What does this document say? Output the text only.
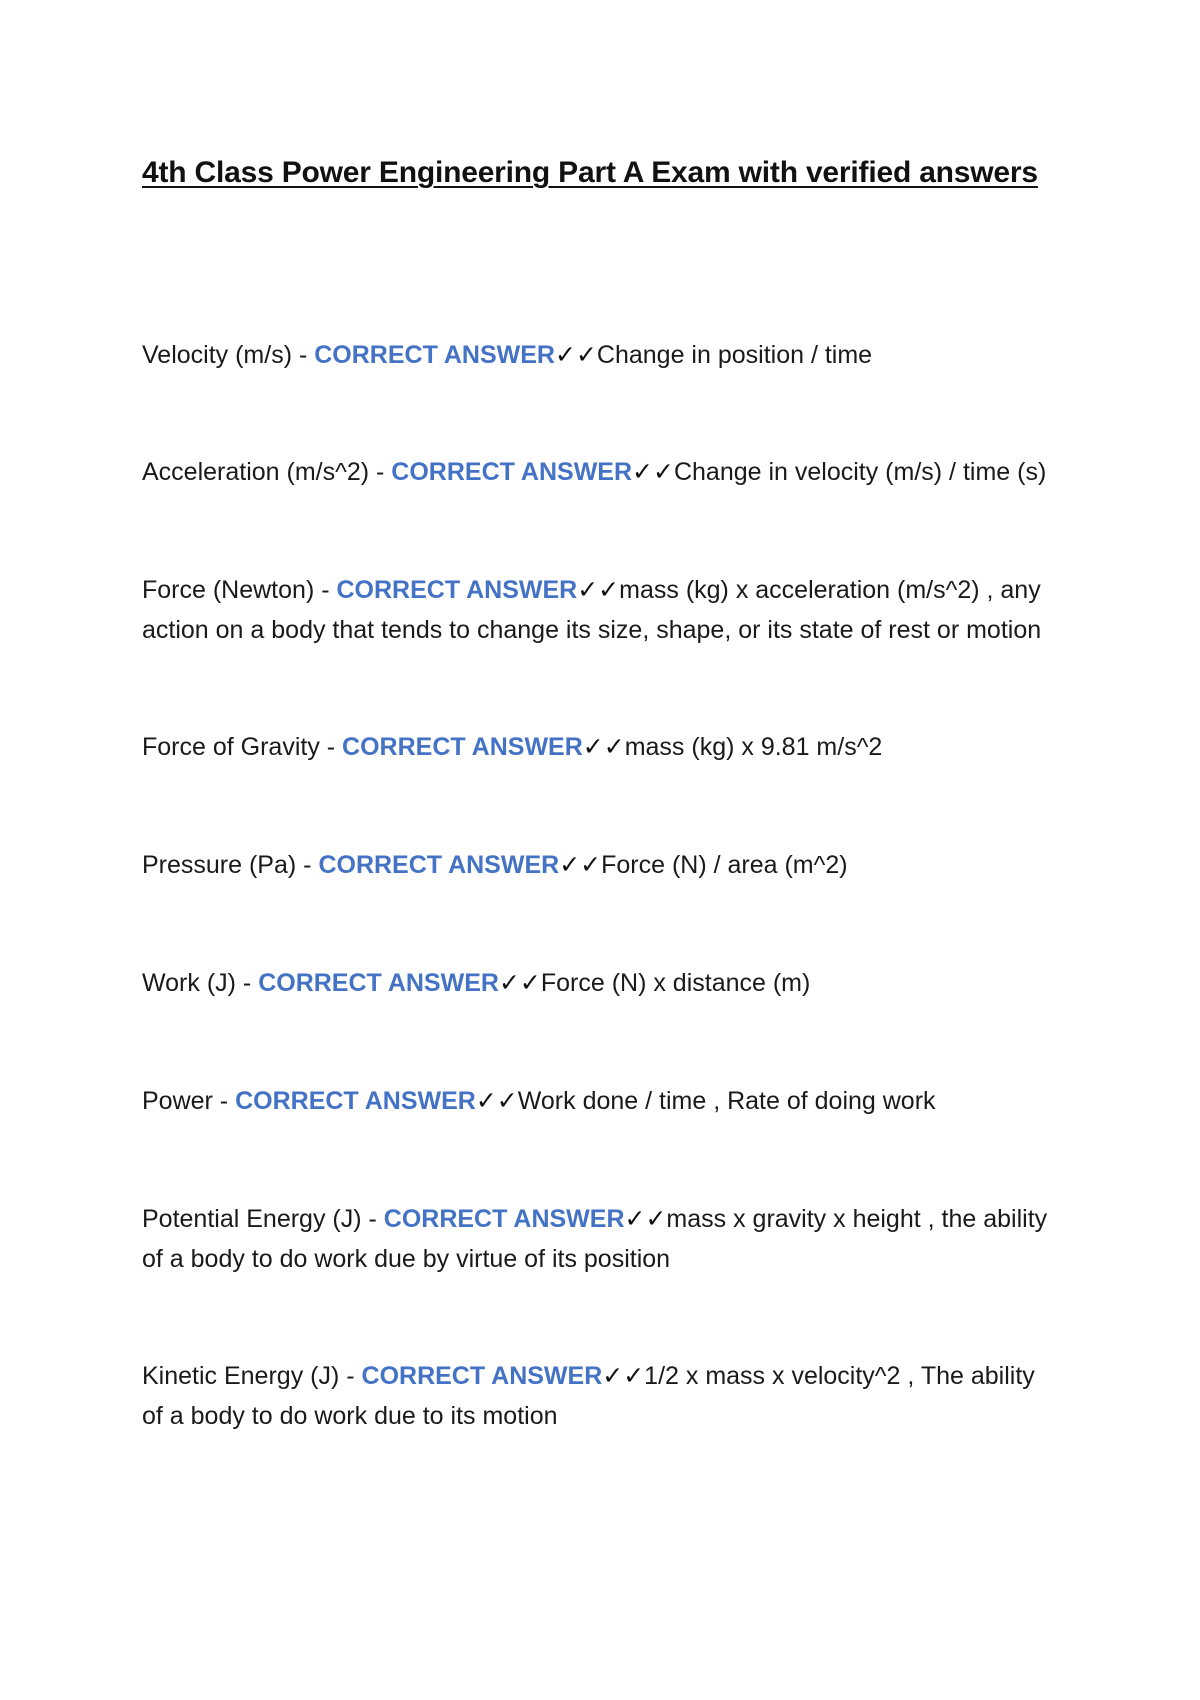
4th Class Power Engineering Part A Exam with verified answers

Velocity (m/s) - CORRECT ANSWER✓✓Change in position / time

Acceleration (m/s^2) - CORRECT ANSWER✓✓Change in velocity (m/s) / time (s)

Force (Newton) - CORRECT ANSWER✓✓mass (kg) x acceleration (m/s^2) , any action on a body that tends to change its size, shape, or its state of rest or motion

Force of Gravity - CORRECT ANSWER✓✓mass (kg) x 9.81 m/s^2

Pressure (Pa) - CORRECT ANSWER✓✓Force (N) / area (m^2)

Work (J) - CORRECT ANSWER✓✓Force (N) x distance (m)

Power - CORRECT ANSWER✓✓Work done / time , Rate of doing work

Potential Energy (J) - CORRECT ANSWER✓✓mass x gravity x height , the ability of a body to do work due by virtue of its position

Kinetic Energy (J) - CORRECT ANSWER✓✓1/2 x mass x velocity^2 , The ability of a body to do work due to its motion
